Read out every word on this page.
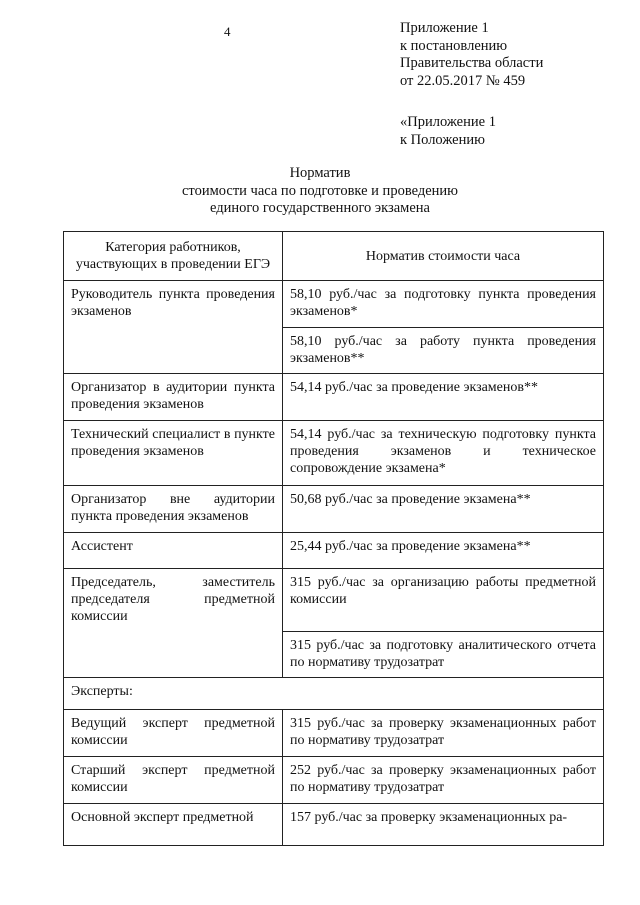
4	Приложение 1
к постановлению
Правительства области
от 22.05.2017 № 459
«Приложение 1
к Положению
Норматив
стоимости часа по подготовке и проведению
единого государственного экзамена
Категория работников, участвующих в проведении ЕГЭ	Норматив стоимости часа
Руководитель пункта проведения экзаменов	58,10 руб./час за подготовку пункта проведения экзаменов*
	58,10 руб./час за работу пункта проведения экзаменов**
Организатор в аудитории пункта проведения экзаменов	54,14 руб./час за проведение экзаменов**
Технический специалист в пункте проведения экзаменов	54,14 руб./час за техническую подготовку пункта проведения экзаменов и техническое сопровождение экзамена*
Организатор вне аудитории пункта проведения экзаменов	50,68 руб./час за проведение экзамена**
Ассистент	25,44 руб./час за проведение экзамена**
Председатель, заместитель председателя предметной комиссии	315 руб./час за организацию работы предметной комиссии
	315 руб./час за подготовку аналитического отчета по нормативу трудозатрат
Эксперты:	
Ведущий эксперт предметной комиссии	315 руб./час за проверку экзаменационных работ по нормативу трудозатрат
Старший эксперт предметной комиссии	252 руб./час за проверку экзаменационных работ по нормативу трудозатрат
Основной эксперт предметной	157 руб./час за проверку экзаменационных ра-
